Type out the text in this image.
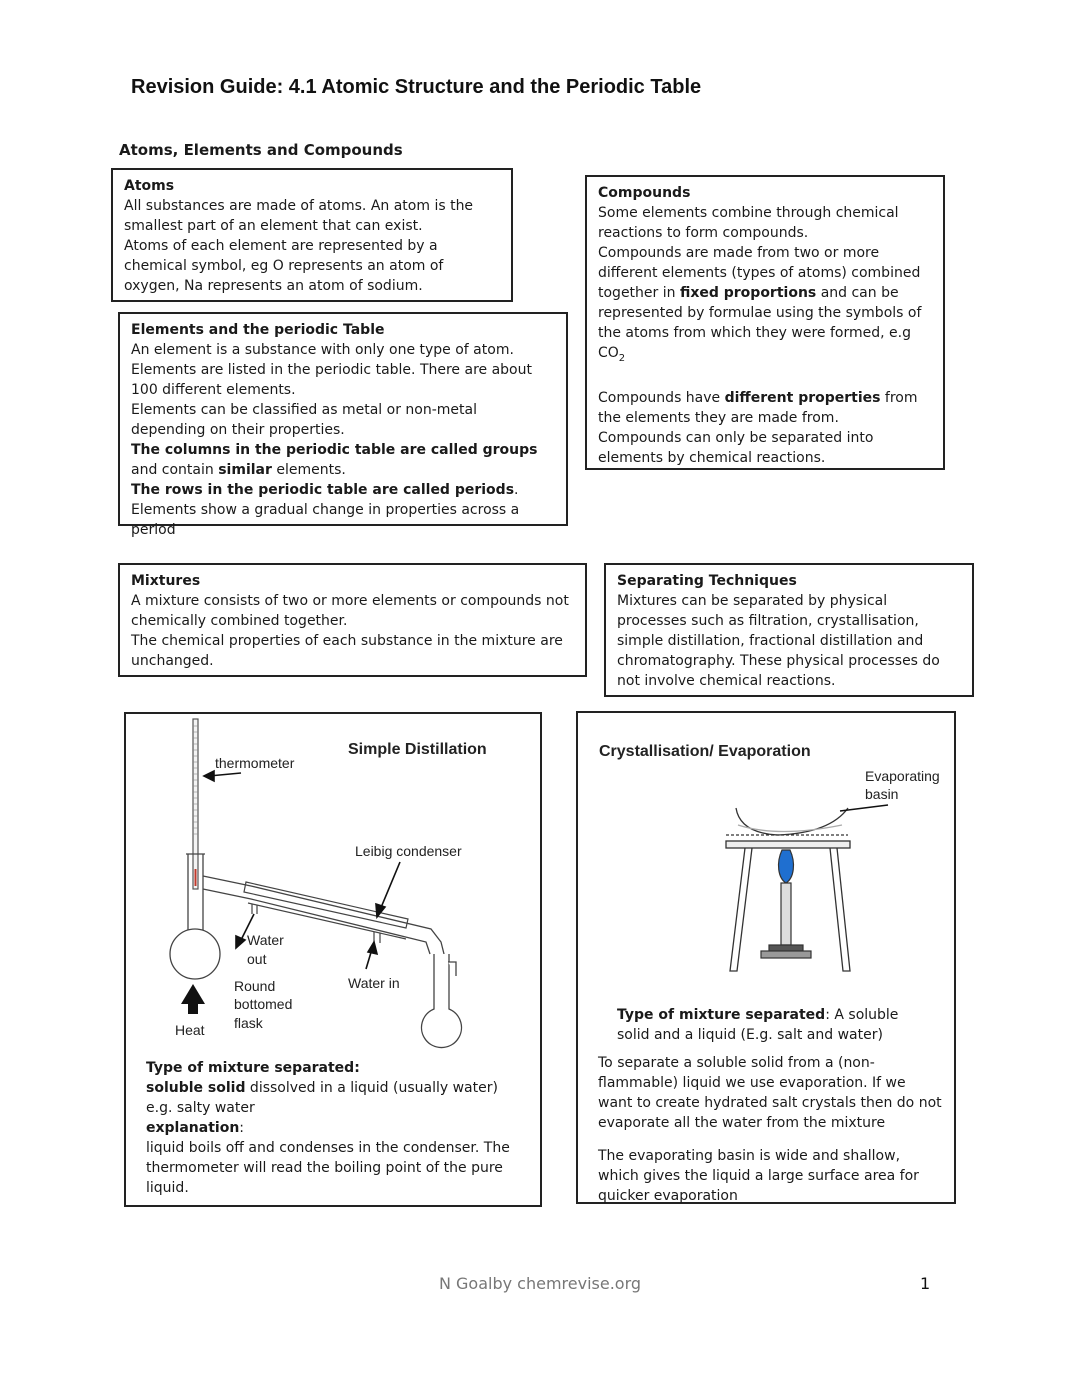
Revision Guide: 4.1 Atomic Structure and the Periodic Table
Atoms, Elements and Compounds
Atoms
All substances are made of atoms. An atom is the smallest part of an element that can exist.
Atoms of each element are represented by a chemical symbol, eg O represents an atom of oxygen, Na represents an atom of sodium.
Elements and the periodic Table
An element is a substance with only one type of atom.
Elements are listed in the periodic table. There are about 100 different elements.
Elements can be classified as metal or non-metal depending on their properties.
The columns in the periodic table are called groups and contain similar elements.
The rows in the periodic table are called periods. Elements show a gradual change in properties across a period
Compounds
Some elements combine through chemical reactions to form compounds.
Compounds are made from two or more different elements (types of atoms) combined together in fixed proportions and can be represented by formulae using the symbols of the atoms from which they were formed, e.g $CO_2$
Compounds have different properties from the elements they are made from.
Compounds can only be separated into elements by chemical reactions.
Mixtures
A mixture consists of two or more elements or compounds not chemically combined together.
The chemical properties of each substance in the mixture are unchanged.
Separating Techniques
Mixtures can be separated by physical processes such as filtration, crystallisation, simple distillation, fractional distillation and chromatography. These physical processes do not involve chemical reactions.
Simple Distillation
thermometer
Leibig condenser
Water
out
Water in
Round
bottomed
flask
Heat
Type of mixture separated:
soluble solid dissolved in a liquid (usually water) e.g. salty water
explanation:
liquid boils off and condenses in the condenser. The thermometer will read the boiling point of the pure liquid.
Crystallisation/ Evaporation
Evaporating
basin
Type of mixture separated: A soluble solid and a liquid (E.g. salt and water)
To separate a soluble solid from a (non-flammable) liquid we use evaporation. If we want to create hydrated salt crystals then do not evaporate all the water from the mixture
The evaporating basin is wide and shallow, which gives the liquid a large surface area for quicker evaporation
N Goalby chemrevise.org	1
